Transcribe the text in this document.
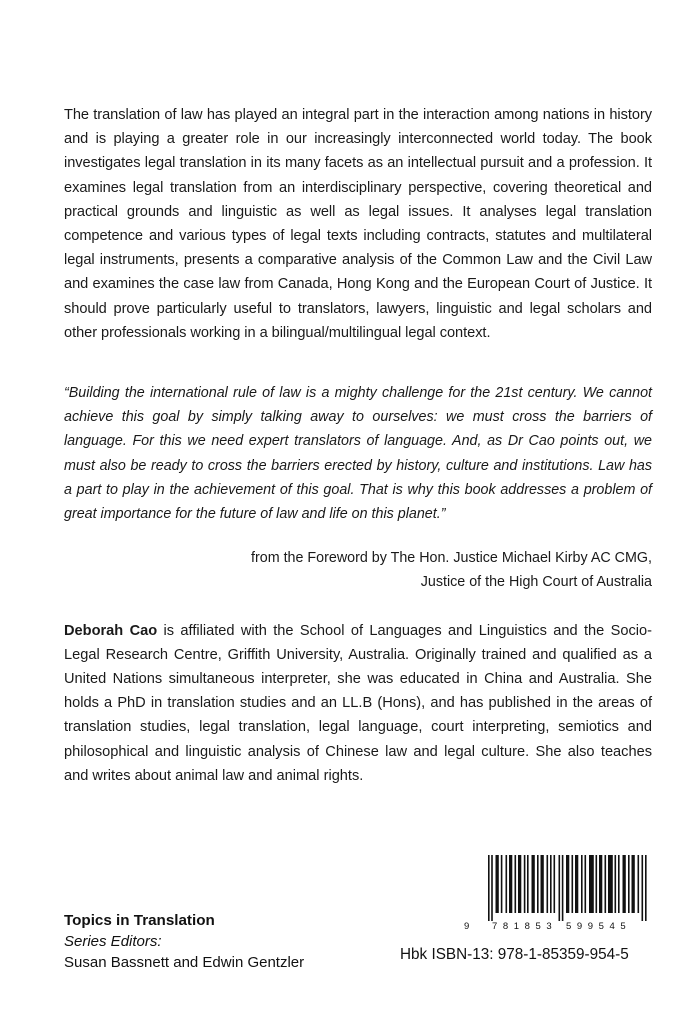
The translation of law has played an integral part in the interaction among nations in history and is playing a greater role in our increasingly interconnected world today. The book investigates legal translation in its many facets as an intellectual pursuit and a profession. It examines legal translation from an interdisciplinary perspective, covering theoretical and practical grounds and linguistic as well as legal issues. It analyses legal translation competence and various types of legal texts including contracts, statutes and multilateral legal instruments, presents a comparative analysis of the Common Law and the Civil Law and examines the case law from Canada, Hong Kong and the European Court of Justice. It should prove particularly useful to translators, lawyers, linguistic and legal scholars and other professionals working in a bilingual/multilingual legal context.

“Building the international rule of law is a mighty challenge for the 21st century. We cannot achieve this goal by simply talking away to ourselves: we must cross the barriers of language. For this we need expert translators of language. And, as Dr Cao points out, we must also be ready to cross the barriers erected by history, culture and institutions. Law has a part to play in the achievement of this goal. That is why this book addresses a problem of great importance for the future of law and life on this planet.”

from the Foreword by The Hon. Justice Michael Kirby AC CMG,
Justice of the High Court of Australia

Deborah Cao is affiliated with the School of Languages and Linguistics and the Socio-Legal Research Centre, Griffith University, Australia. Originally trained and qualified as a United Nations simultaneous interpreter, she was educated in China and Australia. She holds a PhD in translation studies and an LL.B (Hons), and has published in the areas of translation studies, legal translation, legal language, court interpreting, semiotics and philosophical and linguistic analysis of Chinese law and legal culture. She also teaches and writes about animal law and animal rights.

Topics in Translation
Series Editors:
Susan Bassnett and Edwin Gentzler
9 781853 599545
Hbk ISBN-13: 978-1-85359-954-5
